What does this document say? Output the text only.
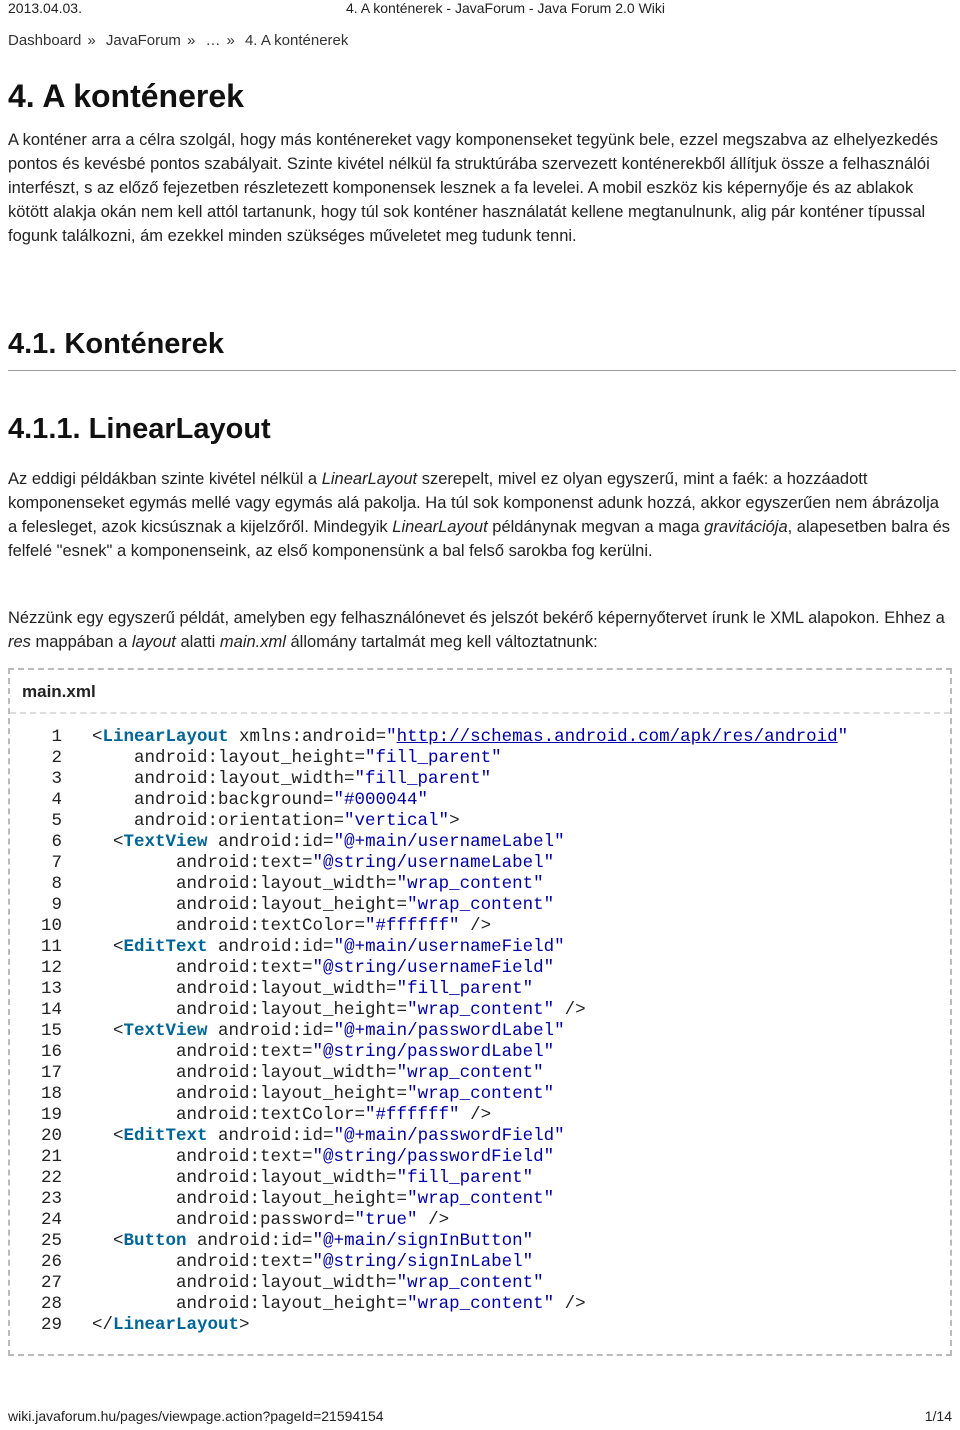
2013.04.03.	4. A konténerek - JavaForum - Java Forum 2.0 Wiki
Dashboard » JavaForum » … » 4. A konténerek
4. A konténerek

A konténer arra a célra szolgál, hogy más konténereket vagy komponenseket tegyünk bele, ezzel megszabva az elhelyezkedés pontos és kevésbé pontos szabályait. Szinte kivétel nélkül fa struktúrába szervezett konténerekből állítjuk össze a felhasználói interfészt, s az előző fejezetben részletezett komponensek lesznek a fa levelei. A mobil eszköz kis képernyője és az ablakok kötött alakja okán nem kell attól tartanunk, hogy túl sok konténer használatát kellene megtanulnunk, alig pár konténer típussal fogunk találkozni, ám ezekkel minden szükséges műveletet meg tudunk tenni.

4.1. Konténerek
4.1.1. LinearLayout

Az eddigi példákban szinte kivétel nélkül a LinearLayout szerepelt, mivel ez olyan egyszerű, mint a faék: a hozzáadott komponenseket egymás mellé vagy egymás alá pakolja. Ha túl sok komponenst adunk hozzá, akkor egyszerűen nem ábrázolja a felesleget, azok kicsúsznak a kijelzőről. Mindegyik LinearLayout példánynak megvan a maga gravitációja, alapesetben balra és felfelé "esnek" a komponenseink, az első komponensünk a bal felső sarokba fog kerülni.

Nézzünk egy egyszerű példát, amelyben egy felhasználónevet és jelszót bekérő képernyőtervet írunk le XML alapokon. Ehhez a res mappában a layout alatti main.xml állomány tartalmát meg kell változtatnunk:

main.xml
1 <LinearLayout xmlns:android="http://schemas.android.com/apk/res/android"
2 android:layout_height="fill_parent"
3 android:layout_width="fill_parent"
4 android:background="#000044"
5 android:orientation="vertical">
6 <TextView android:id="@+main/usernameLabel"
7 android:text="@string/usernameLabel"
8 android:layout_width="wrap_content"
9 android:layout_height="wrap_content"
10 android:textColor="#ffffff" />
11 <EditText android:id="@+main/usernameField"
12 android:text="@string/usernameField"
13 android:layout_width="fill_parent"
14 android:layout_height="wrap_content" />
15 <TextView android:id="@+main/passwordLabel"
16 android:text="@string/passwordLabel"
17 android:layout_width="wrap_content"
18 android:layout_height="wrap_content"
19 android:textColor="#ffffff" />
20 <EditText android:id="@+main/passwordField"
21 android:text="@string/passwordField"
22 android:layout_width="fill_parent"
23 android:layout_height="wrap_content"
24 android:password="true" />
25 <Button android:id="@+main/signInButton"
26 android:text="@string/signInLabel"
27 android:layout_width="wrap_content"
28 android:layout_height="wrap_content" />
29 </LinearLayout>
wiki.javaforum.hu/pages/viewpage.action?pageId=21594154	1/14
